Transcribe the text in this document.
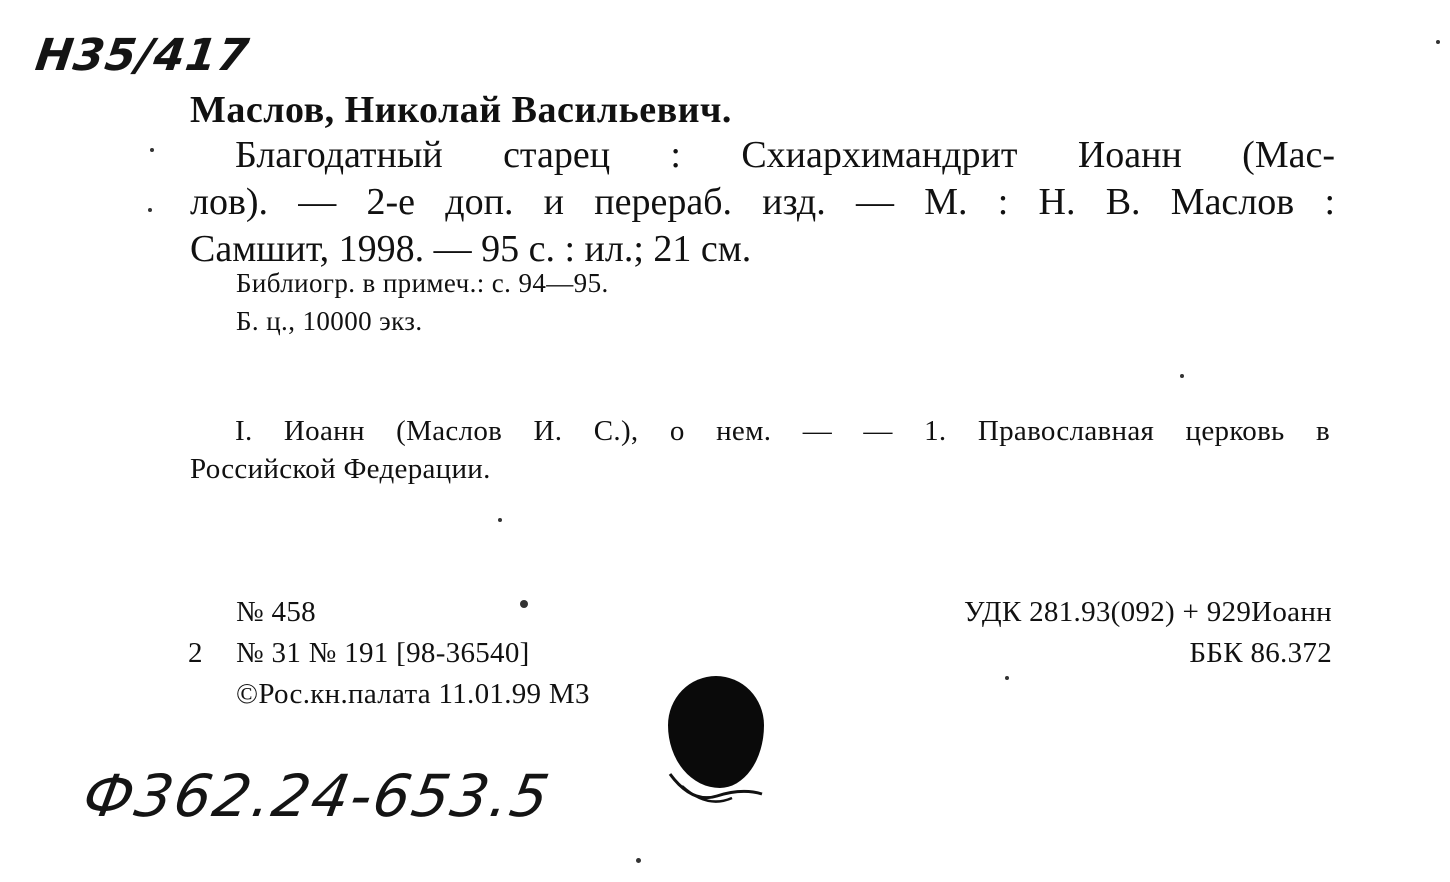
Н35/417
Маслов, Николай Васильевич.
Благодатный старец : Схиархимандрит Иоанн (Мас-
лов). — 2-е доп. и перераб. изд. — М. : Н. В. Маслов :
Самшит, 1998. — 95 с. : ил.; 21 см.
Библиогр. в примеч.: с. 94—95.
Б. ц., 10000 экз.
I. Иоанн (Маслов И. С.), о нем. — — 1. Православная церковь в
Российской Федерации.
№ 458
2 № 31 № 191 [98-36540]
©Рос.кн.палата 11.01.99 М3
УДК 281.93(092) + 929Иоанн
ББК 86.372
Ф362.24-653.5
